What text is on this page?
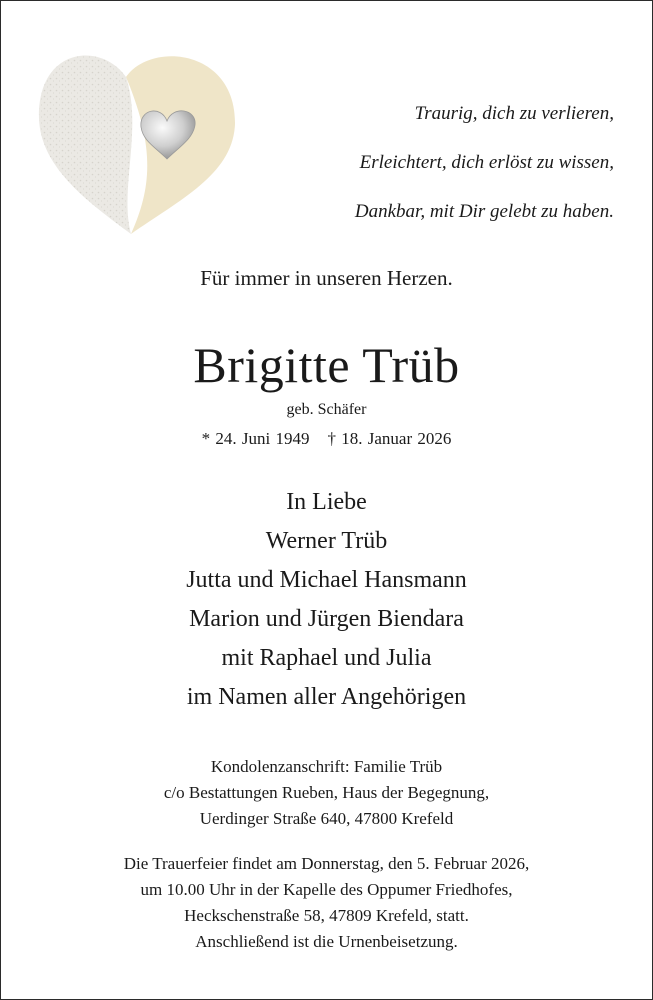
Traurig, dich zu verlieren,
Erleichtert, dich erlöst zu wissen,
Dankbar, mit Dir gelebt zu haben.
Für immer in unseren Herzen.
Brigitte Trüb
geb. Schäfer
* 24. Juni 1949 † 18. Januar 2026
In Liebe
Werner Trüb
Jutta und Michael Hansmann
Marion und Jürgen Biendara
mit Raphael und Julia
im Namen aller Angehörigen
Kondolenzanschrift: Familie Trüb
c/o Bestattungen Rueben, Haus der Begegnung,
Uerdinger Straße 640, 47800 Krefeld
Die Trauerfeier findet am Donnerstag, den 5. Februar 2026,
um 10.00 Uhr in der Kapelle des Oppumer Friedhofes,
Heckschenstraße 58, 47809 Krefeld, statt.
Anschließend ist die Urnenbeisetzung.
